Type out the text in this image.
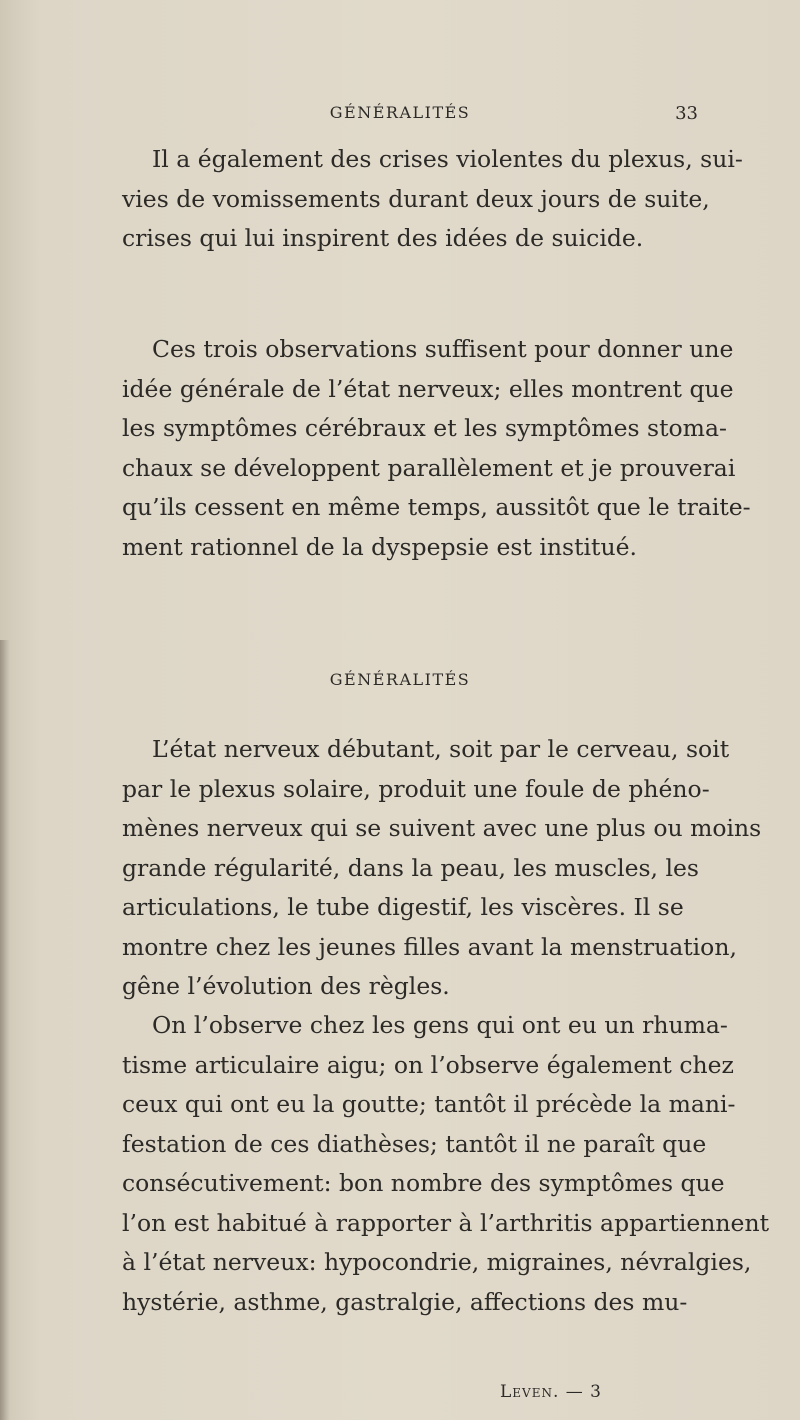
GÉNÉRALITÉS	33

Il a également des crises violentes du plexus, sui-
vies de vomissements durant deux jours de suite,
crises qui lui inspirent des idées de suicide.

Ces trois observations suffisent pour donner une
idée générale de l’état nerveux; elles montrent que
les symptômes cérébraux et les symptômes stoma-
chaux se développent parallèlement et je prouverai
qu’ils cessent en même temps, aussitôt que le traite-
ment rationnel de la dyspepsie est institué.

GÉNÉRALITÉS

L’état nerveux débutant, soit par le cerveau, soit
par le plexus solaire, produit une foule de phéno-
mènes nerveux qui se suivent avec une plus ou moins
grande régularité, dans la peau, les muscles, les
articulations, le tube digestif, les viscères. Il se
montre chez les jeunes filles avant la menstruation,
gêne l’évolution des règles.

On l’observe chez les gens qui ont eu un rhuma-
tisme articulaire aigu; on l’observe également chez
ceux qui ont eu la goutte; tantôt il précède la mani-
festation de ces diathèses; tantôt il ne paraît que
consécutivement: bon nombre des symptômes que
l’on est habitué à rapporter à l’arthritis appartiennent
à l’état nerveux: hypocondrie, migraines, névralgies,
hystérie, asthme, gastralgie, affections des mu-

Leven. — 3
